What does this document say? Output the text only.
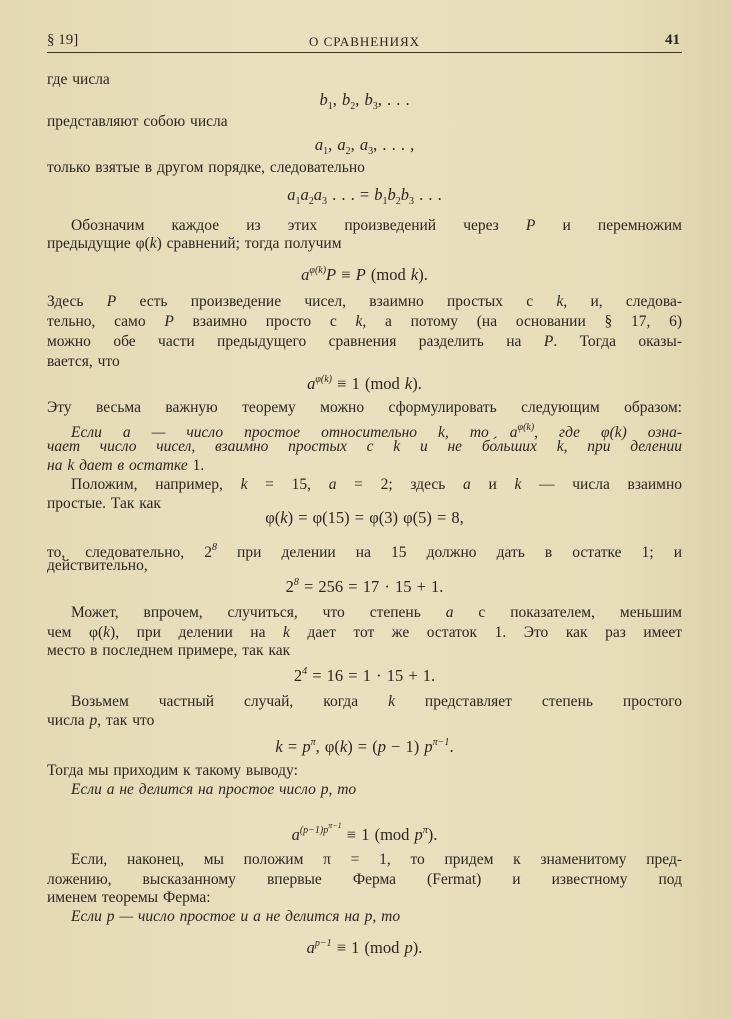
§ 19]	О СРАВНЕНИЯХ	41
где числа
$b_1$, $b_2$, $b_3$, . . .
представляют собою числа
$a_1$, $a_2$, $a_3$, . . . ,
только взятые в другом порядке, следовательно
$a_1a_2a_3$ . . . = $b_1b_2b_3$ . . .
Обозначим каждое из этих произведений через P и перемножим
предыдущие φ(k) сравнений; тогда получим
$a^{\varphi(k)}P \equiv P$ (mod k).
Здесь P есть произведение чисел, взаимно простых с k, и, следова-
тельно, само P взаимно просто с k, а потому (на основании § 17, 6)
можно обе части предыдущего сравнения разделить на P. Тогда оказы-
вается, что
$a^{\varphi(k)} \equiv 1$ (mod k).
Эту весьма важную теорему можно сформулировать следующим образом:
Если a — число простое относительно k, то $a^{\varphi(k)}$, где φ(k) озна-
чает число чисел, взаимно простых с k и не бо́льших k, при делении
на k дает в остатке 1.
Положим, например, k = 15, a = 2; здесь a и k — числа взаимно
простые. Так как
φ(k) = φ(15) = φ(3) φ(5) = 8,
то, следовательно, $2^8$ при делении на 15 должно дать в остатке 1; и
действительно,
$2^8 = 256 = 17 \cdot 15 + 1$.
Может, впрочем, случиться, что степень a с показателем, меньшим
чем φ(k), при делении на k дает тот же остаток 1. Это как раз имеет
место в последнем примере, так как
$2^4 = 16 = 1 \cdot 15 + 1$.
Возьмем частный случай, когда k представляет степень простого
числа p, так что
$k = p^\pi$, φ(k) = (p − 1) $p^{\pi-1}$.
Тогда мы приходим к такому выводу:
Если a не делится на простое число p, то
$a^{(p-1)p\pi-1} \equiv 1$ (mod $p^\pi$).
Если, наконец, мы положим π = 1, то придем к знаменитому пред-
ложению, высказанному впервые Ферма (Fermat) и известному под
именем теоремы Ферма:
Если p — число простое и a не делится на p, то
$a^{p-1} \equiv 1$ (mod p).
